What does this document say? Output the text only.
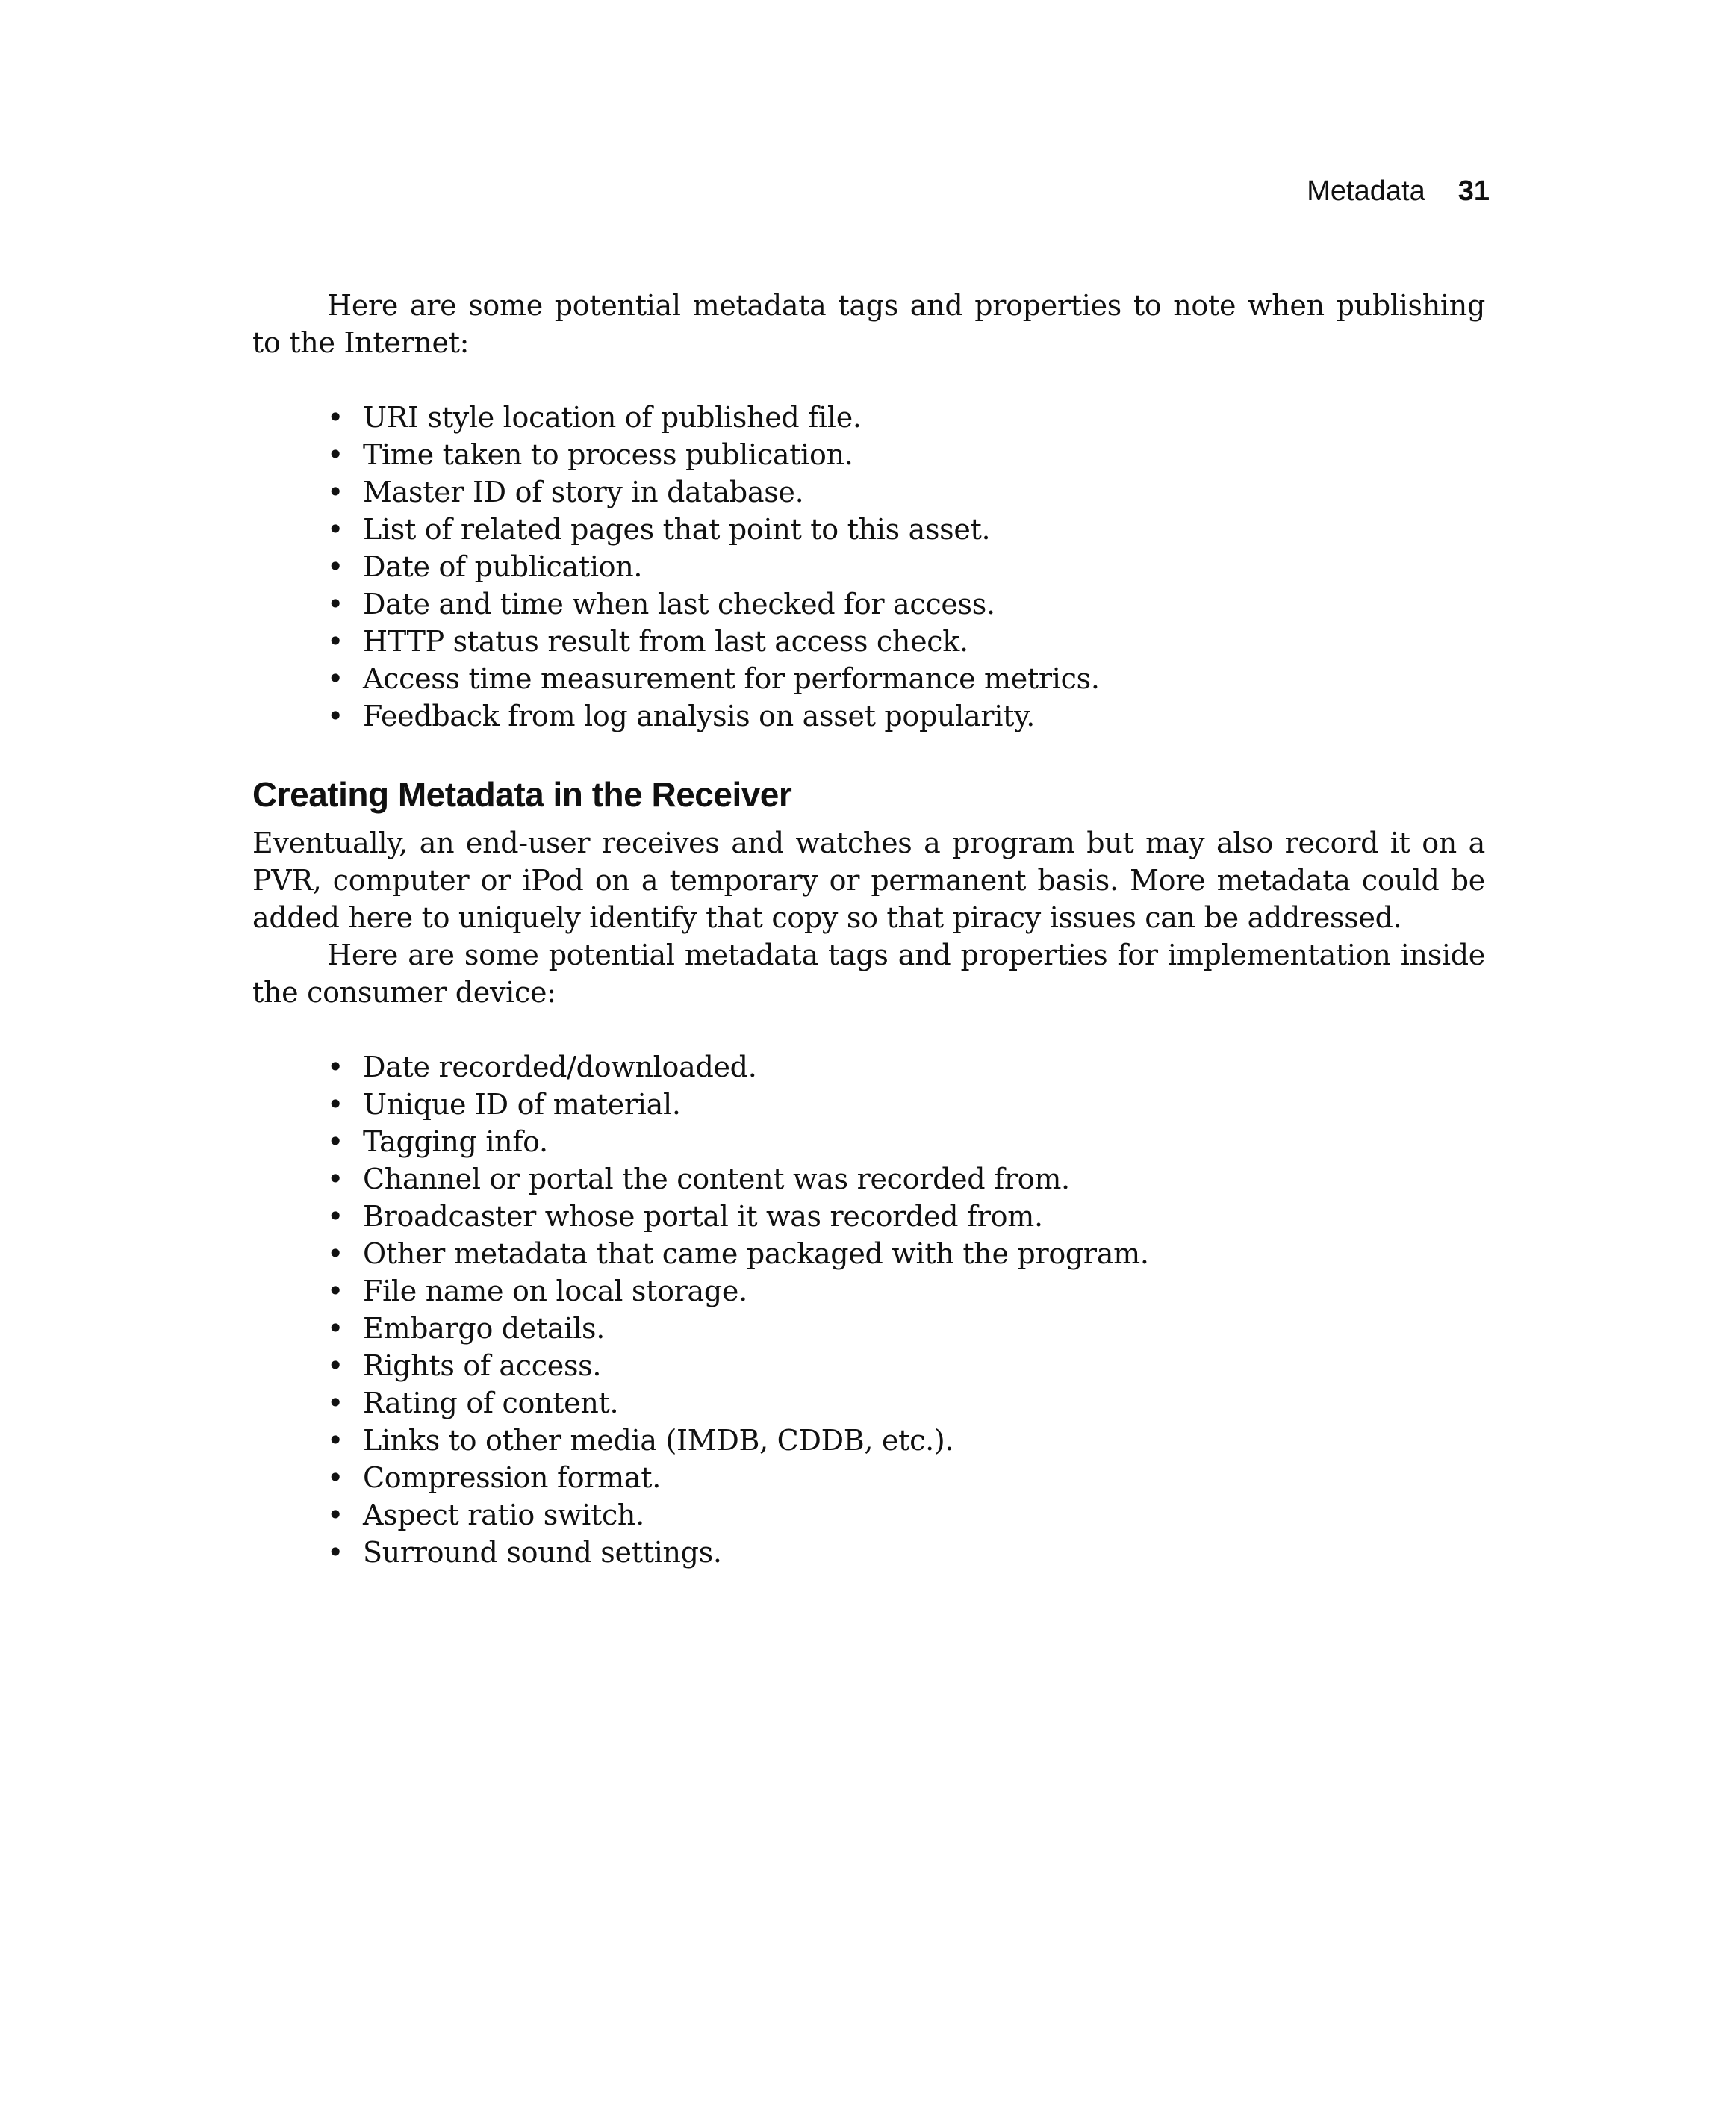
Metadata 31

Here are some potential metadata tags and properties to note when publishing to the Internet:

• URI style location of published file.
• Time taken to process publication.
• Master ID of story in database.
• List of related pages that point to this asset.
• Date of publication.
• Date and time when last checked for access.
• HTTP status result from last access check.
• Access time measurement for performance metrics.
• Feedback from log analysis on asset popularity.
Creating Metadata in the Receiver

Eventually, an end-user receives and watches a program but may also record it on a PVR, computer or iPod on a temporary or permanent basis. More metadata could be added here to uniquely identify that copy so that piracy issues can be addressed.

Here are some potential metadata tags and properties for implementation inside the consumer device:

• Date recorded/downloaded.
• Unique ID of material.
• Tagging info.
• Channel or portal the content was recorded from.
• Broadcaster whose portal it was recorded from.
• Other metadata that came packaged with the program.
• File name on local storage.
• Embargo details.
• Rights of access.
• Rating of content.
• Links to other media (IMDB, CDDB, etc.).
• Compression format.
• Aspect ratio switch.
• Surround sound settings.
